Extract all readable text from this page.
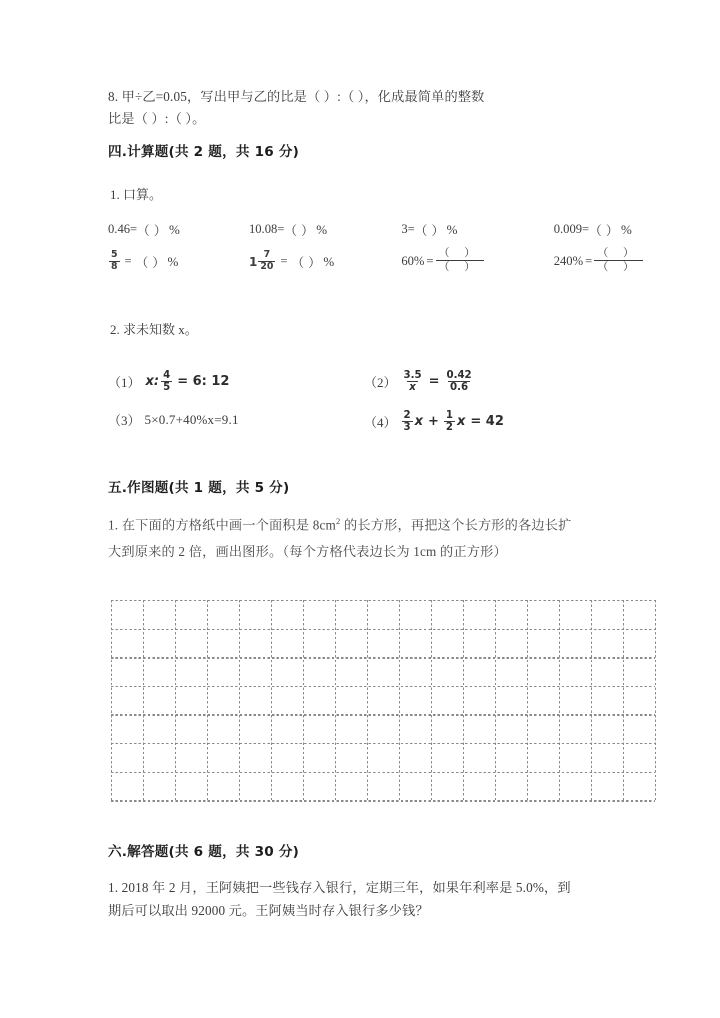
8. 甲÷乙=0.05，写出甲与乙的比是（ ）:（ ），化成最简单的整数
比是（ ）:（ ）。
四.计算题(共 2 题，共 16 分)
1. 口算。
0.46= （ ） %	10.08= （ ） %	3= （ ） %	0.009= （ ） %
$\frac{5}{8}$ = （ ） %	$1 \frac{7}{20}$ = （ ） %	$60\% = \frac{( )}{( )}$	$240\% = \frac{( )}{( )}$
2. 求未知数 x。
（1） x: $\frac{4}{5} = 6$: 12	$(2) \frac{3.5}{x} = \frac{0.42}{0.6}$
（3） 5×0.7+40%x=9.1	$(4) \frac{2}{3}$ $x + \frac{1}{2}$ x = 42
五.作图题(共 1 题，共 5 分)
1. 在下面的方格纸中画一个面积是 $8cm^2$ 的长方形，再把这个长方形的各边长扩
大到原来的 2 倍，画出图形。（每个方格代表边长为 1cm 的正方形）
六.解答题(共 6 题，共 30 分)
1. 2018 年 2 月，王阿姨把一些钱存入银行，定期三年，如果年利率是 5.0%，到
期后可以取出 92000 元。王阿姨当时存入银行多少钱？
